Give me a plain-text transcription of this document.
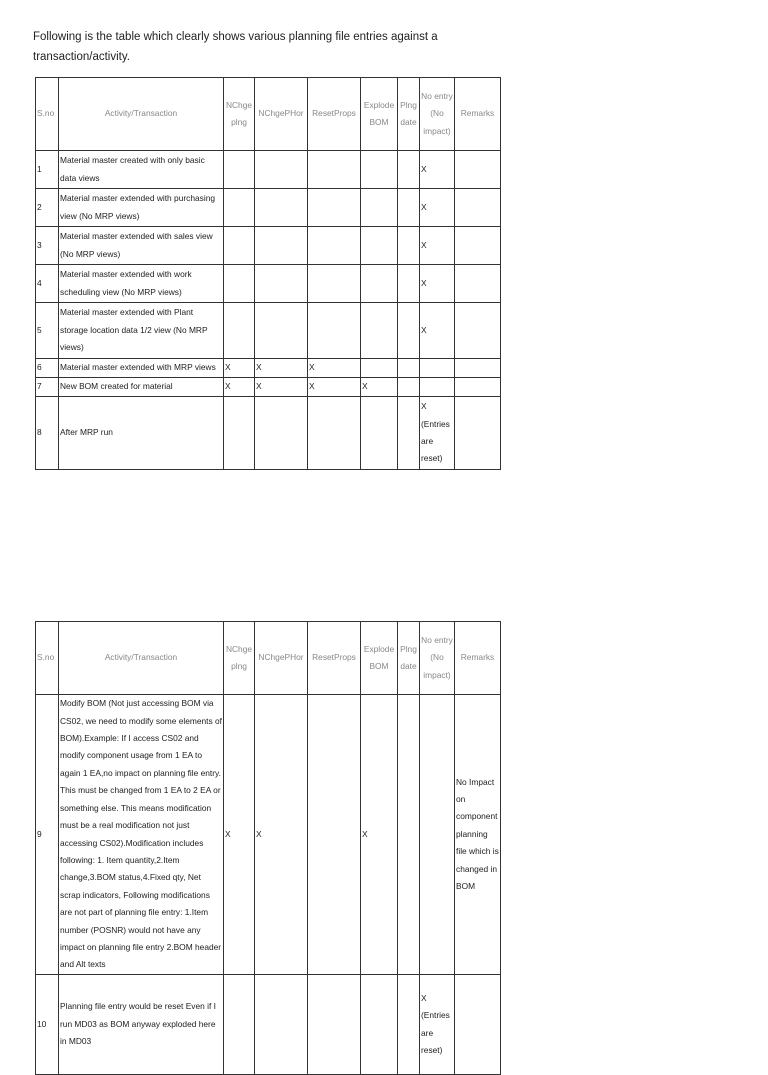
Following is the table which clearly shows various planning file entries against a transaction/activity.
S.no	Activity/Transaction	NChge plng	NChgePHor	ResetProps	Explode BOM	Plng date	No entry (No impact)	Remarks
1	Material master created with only basic data views						X	
2	Material master extended with purchasing view (No MRP views)						X	
3	Material master extended with sales view (No MRP views)						X	
4	Material master extended with work scheduling view (No MRP views)						X	
5	Material master extended with Plant storage location data 1/2 view (No MRP views)						X	
6	Material master extended with MRP views	X	X	X				
7	New BOM created for material	X	X	X	X			
8	After MRP run						X (Entries are reset)	
S.no	Activity/Transaction	NChge plng	NChgePHor	ResetProps	Explode BOM	Plng date	No entry (No impact)	Remarks
9	Modify BOM (Not just accessing BOM via CS02, we need to modify some elements of BOM).Example: If I access CS02 and modify component usage from 1 EA to again 1 EA,no impact on planning file entry. This must be changed from 1 EA to 2 EA or something else. This means modification must be a real modification not just accessing CS02).Modification includes following: 1. Item quantity,2.Item change,3.BOM status,4.Fixed qty, Net scrap indicators, Following modifications are not part of planning file entry: 1.Item number (POSNR) would not have any impact on planning file entry 2.BOM header and Alt texts	X	X		X			No Impact on component planning file which is changed in BOM
10	Planning file entry would be reset Even if I run MD03 as BOM anyway exploded here in MD03						X (Entries are reset)	
